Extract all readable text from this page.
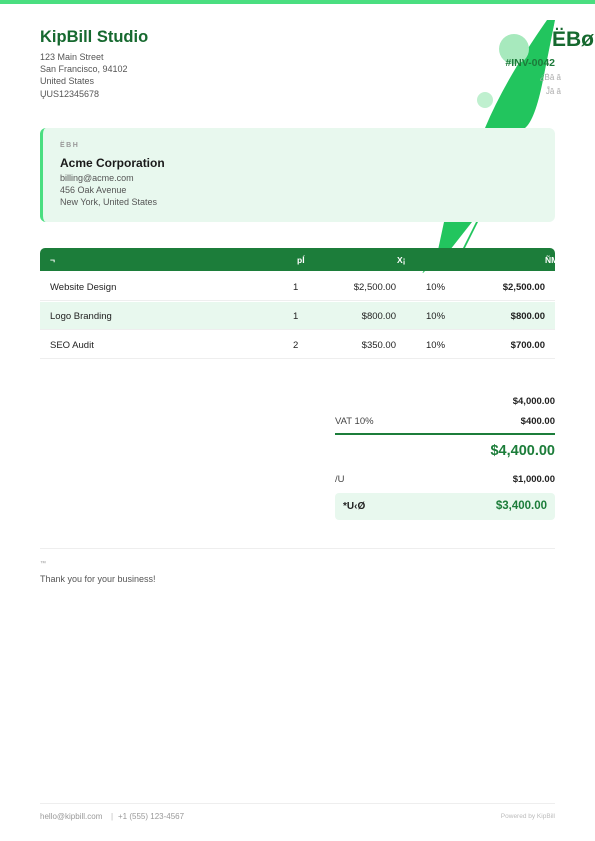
KipBill Studio
123 Main Street
San Francisco, 94102
United States
U̧US12345678
ËBø
#INV-0042
¿̈Ḃâ â
Ĵ̆â â
ËBH
Acme Corporation
billing@acme.com
456 Oak Avenue
New York, United States
¬	pÍ	X¡	ÑM
Website Design	1	$2,500.00	10%	$2,500.00
Logo Branding	1	$800.00	10%	$800.00
SEO Audit	2	$350.00	10%	$700.00
$4,000.00
VAT 10%	$400.00
$4,400.00
/U	$1,000.00
*U‹Ø	$3,400.00
™
Thank you for your business!
hello@kipbill.com | +1 (555) 123-4567	Powered by KipBill
